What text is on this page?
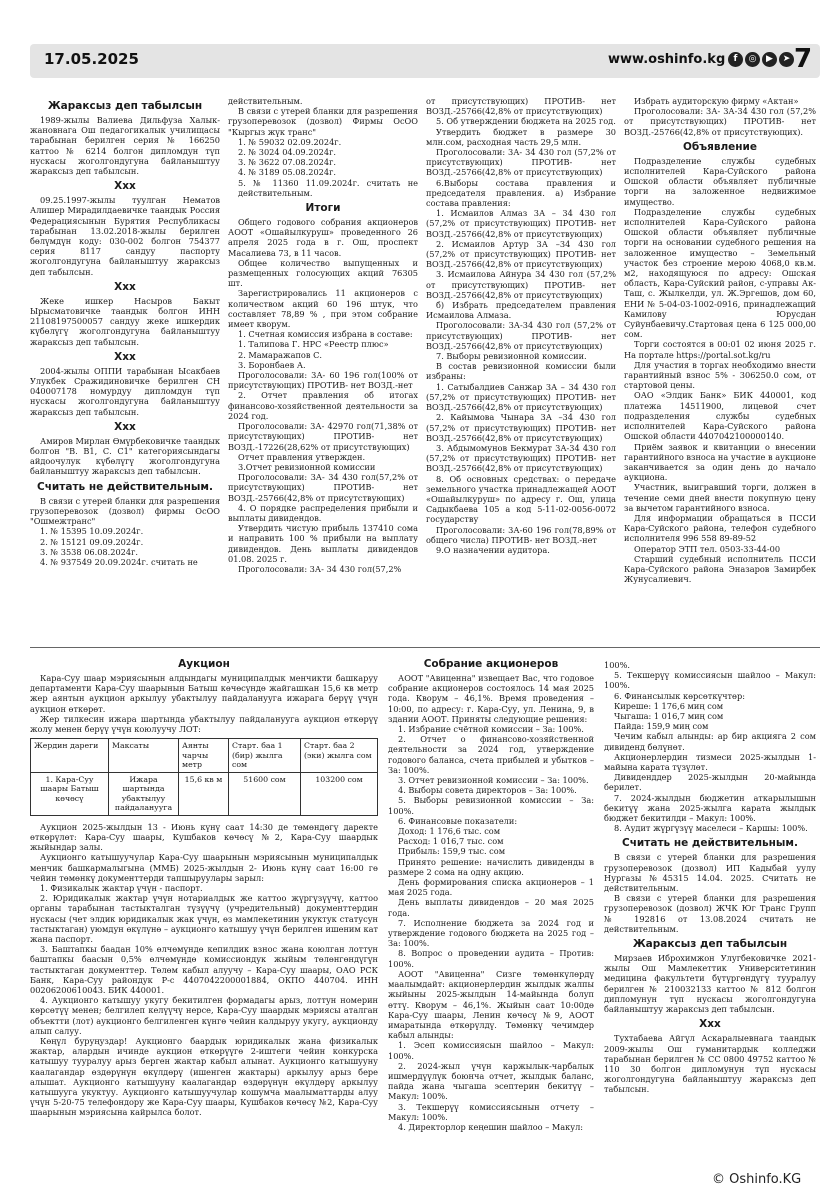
17.05.2025	www.oshinfo.kg f	◎	▶	➤ 7
Жараксыз деп табылсын

1989-жылы Валиева Дильфуза Халык-жановнага Ош педагогикалык училищасы тарабынан берилген серия № 166250 каттоо № 6214 болгон дипломдун түп нускасы жоголгондугуна байланыштуу жараксыз деп табылсын.

Ххх

09.25.1997-жылы туулган Нематов Алишер Мирадилдаевичке таандык Россия Федерациясынын Бурятия Республикасы тарабынан 13.02.2018-жылы берилген бөлүмдүн коду: 030-002 болгон 754377 серия 8117 сандуу паспорту жоголгондугуна байланыштуу жараксыз деп табылсын.

Ххх

Жеке ишкер Насыров Бакыт Ырысматовичке таандык болгон ИНН 21108197500057 сандуу жеке ишкердик күбөлүгү жоголгондугуна байланыштуу жараксыз деп табылсын.

Ххх

2004-жылы ОППИ тарабынан Ысакбаев Улукбек Сражидиновичке берилген СН 040007178 номурдуу дипломдун түп нускасы жоголгондугуна байланыштуу жараксыз деп табылсын.

Ххх

Амиров Мирлан Өмүрбековичке таандык болгон "В. В1, С. С1" категориясындагы айдоочулук күбөлүгү жоголгондугуна байланыштуу жараксыз деп табылсын.

Считать не действительным.

В связи с утерей бланки для разрешения грузоперевозок (дозвол) фирмы ОсОО "Ошмежтранс"

1. № 15395 10.09.2024г.

2. № 15121 09.09.2024г.

3. № 3538 06.08.2024г.

4. № 937549 20.09.2024г. считать не

действительным.

В связи с утерей бланки для разрешения грузоперевозок (дозвол) Фирмы ОсОО "Кыргыз жүк транс"

1. № 59032 02.09.2024г.

2. № 3024 04.09.2024г.

3. № 3622 07.08.2024г.

4. № 3189 05.08.2024г.

5. № 11360 11.09.2024г. считать не действительным.

Итоги

Общего годового собрания акционеров АООТ «Ошайылкуруш» проведенного 26 апреля 2025 года в г. Ош, проспект Масалиева 73, в 11 часов.

Общее количество выпущенных и размещенных голосующих акций 76305 шт.

Зарегистрировались 11 акционеров с количеством акций 60 196 штук, что составляет 78,89 % , при этом собрание имеет кворум.

1. Счетная комиссия избрана в составе:

1. Талипова Г. НРС «Реестр плюс»

2. Мамаражапов С.

3. Боронбаев А.

Проголосовали: 3А- 60 196 гол(100% от присутствующих) ПРОТИВ- нет ВОЗД.-нет

2. Отчет правления об итогах финансово-хозяйственной деятельности за 2024 год.

Проголосовали: 3А- 42970 гол(71,38% от присутствующих) ПРОТИВ- нет ВОЗД.-17226(28,62% от присутствующих)

Отчет правления утвержден.

3.Отчет ревизионной комиссии

Проголосовали: 3А- 34 430 гол(57,2% от присутствующих) ПРОТИВ- нет ВОЗД.-25766(42,8% от присутствующих)

4. О порядке распределения прибыли и выплаты дивидендов.

Утвердить чистую прибыль 137410 сома и направить 100 % прибыли на выплату дивидендов. День выплаты дивидендов 01.08. 2025 г.

Проголосовали: 3А- 34 430 гол(57,2%

от присутствующих) ПРОТИВ- нет ВОЗД.-25766(42,8% от присутствующих)

5. Об утверждении бюджета на 2025 год.

Утвердить бюджет в размере 30 млн.сом, расходная часть 29,5 млн.

Проголосовали: 3А- 34 430 гол (57,2% от присутствующих) ПРОТИВ- нет ВОЗД.-25766(42,8% от присутствующих)

6.Выборы состава правления и председателя правления. а) Избрание состава правления:

1. Исмаилов Алмаз 3А – 34 430 гол (57,2% от присутствующих) ПРОТИВ- нет ВОЗД.-25766(42,8% от присутствующих)

2. Исмаилов Артур 3А –34 430 гол (57,2% от присутствующих) ПРОТИВ- нет ВОЗД.-25766(42,8% от присутствующих)

3. Исмаилова Айнура 34 430 гол (57,2% от присутствующих) ПРОТИВ- нет ВОЗД.-25766(42,8% от присутствующих)

б) Избрать председателем правления Исмаилова Алмаза.

Проголосовали: 3А-34 430 гол (57,2% от присутствующих) ПРОТИВ- нет ВОЗД.-25766(42,8% от присутствующих)

7. Выборы ревизионной комиссии.

В состав ревизионной комиссии были избраны:

1. Сатыбалдиев Санжар 3А – 34 430 гол (57,2% от присутствующих) ПРОТИВ- нет ВОЗД.-25766(42,8% от присутствующих)

2. Кайымова Чынара 3А –34 430 гол (57,2% от присутствующих) ПРОТИВ- нет ВОЗД.-25766(42,8% от присутствующих)

3. Абдымомунов Бекмурат 3А-34 430 гол (57,2% от присутствующих) ПРОТИВ- нет ВОЗД.-25766(42,8% от присутствующих)

8. Об основных средствах: о передаче земельного участка принадлежащей АООТ «Ошайылкуруш» по адресу г. Ош, улица Садыкбаева 105 а код 5-11-02-0056-0072 государству

Проголосовали: 3А-60 196 гол(78,89% от общего числа) ПРОТИВ- нет ВОЗД.-нет

9.О назначении аудитора.

Избрать аудиторскую фирму «Актан»

Проголосовали: 3А- 3А-34 430 гол (57,2% от присутствующих) ПРОТИВ- нет ВОЗД.-25766(42,8% от присутствующих).

Объявление

Подразделение службы судебных исполнителей Кара-Суйского района Ошской области объявляет публичные торги на заложенное недвижимое имущество.

Подразделение службы судебных исполнителей Кара-Суйского района Ошской области объявляет публичные торги на основании судебного решения на заложенное имущество – Земельный участок без строение мерою 4068,0 кв.м. м2, находящуюся по адресу: Ошская область, Кара-Суйский район, с-управы Ак-Таш, с. Жылкелди, ул. Ж.Эргешов, дом 60, ЕНИ № 5-04-03-1002-0916, принадлежащий Камилову Юрусдан Суйунбаевичу.Стартовая цена 6 125 000,00 сом.

Торги состоятся в 00:01 02 июня 2025 г. На портале https://portal.sot.kg/ru

Для участия в торгах необходимо внести гарантийный взнос 5% - 306250.0 сом, от стартовой цены.

ОАО «Элдик Банк» БИК 440001, код платежа 14511900, лицевой счет подразделения службы судебных исполнителей Кара-Суйского района Ошской области 4407042100000140.

Приём заявок и квитанции о внесении гарантийного взноса на участие в аукционе заканчивается за один день до начало аукциона.

Участник, выигравший торги, должен в течение семи дней внести покупную цену за вычетом гарантийного взноса.

Для информации обращаться в ПССИ Кара-Суйского района, телефон судебного исполнителя 996 558 89-89-52

Оператор ЭТП тел. 0503-33-44-00

Старший судебный исполнитель ПССИ Кара-Суйского района Эназаров Замирбек Жунусалиевич.

Аукцион

Кара-Суу шаар мэриясынын алдындагы муниципалдык менчикти башкаруу департаменти Кара-Суу шаарынын Батыш көчөсүндө жайгашкан 15,6 кв метр жер аянтын аукцион аркылуу убактылуу пайдаланууга ижарага берүү үчүн аукцион өткөрөт.

Жер тилкесин ижара шартында убактылуу пайдаланууга аукцион өткөрүү жолу менен берүү үчүн коюлуучу ЛОТ:

Жердин дареги	Максаты	Аянты чарчы метр	Старт. баа 1 (бир) жылга сом	Старт. баа 2 (эки) жылга сом
1. Кара-Суу шаары Батыш көчөсү	Ижара шартында убактылуу пайдаланууга	15,6 кв м	51600 сом	103200 сом

Аукцион 2025-жылдын 13 - Июнь күнү саат 14:30 де төмөндөгү даректе өткөрүлөт: Кара-Суу шаары, Кушбаков көчөсү №2, Кара-Суу шаардык жыйындар залы.

Аукционго катышуучулар Кара-Суу шаарынын мэриясынын муниципалдык менчик башкармалыгына (ММБ) 2025-жылдын 2- Июнь күнү саат 16:00 гө чейин төмөнкү документтерди тапшыруулары зарыл:

1. Физикалык жактар үчүн - паспорт.

2. Юридикалык жактар үчүн нотариалдык же каттоо жүргүзүүчү, каттоо органы тарабынан тастыкталган түзүүчү (учредительный) документтердин нускасы (чет элдик юридикалык жак үчүн, өз мамлекетинин укуктук статусун тастыктаган) уюмдун өкүлүнө – аукционго катышуу үчүн берилген ишеним кат жана паспорт.

3. Баштапкы баадан 10% өлчөмүндө кепилдик взнос жана коюлган лоттун баштапкы баасын 0,5% өлчөмүндө комиссиондук жыйым төлөнгөндүгүн тастыктаган документтер. Төлөм кабыл алуучу – Кара-Суу шаары, ОАО РСК Банк, Кара-Суу райондук Р-с 4407042200001884, ОКПО 440704. ИНН 00206200610043. БИК 440001.

4. Аукционго катышуу укугу бекитилген формадагы арыз, лоттун номерин көрсөтүү менен; белгилеп келүүчү нерсе, Кара-Суу шаардык мэриясы аталган объектти (лот) аукционго белгиленген күнгө чейин калдыруу укугу, аукционду алып салуу.

Көңүл буруңуздар! Аукционго баардык юридикалык жана физикалык жактар, алардын ичинде аукцион өткөрүүгө 2-иштеги чейин конкурска катышуу тууралуу арыз берген жактар кабыл алынат. Аукционго катышууну каалагандар өздөрүнүн өкүлдөрү (ишенген жактары) аркылуу арыз бере алышат. Аукционго катышууну каалагандар өздөрүнүн өкүлдөрү аркылуу катышууга укуктуу. Аукционго катышуучулар кошумча маалыматтарды алуу үчүн 5-20-75 телефондору же Кара-Суу шаары, Кушбаков көчөсү №2, Кара-Суу шаарынын мэриясына кайрылса болот.

Собрание акционеров

АООТ "Авиценна" извещает Вас, что годовое собрание акционеров состоялось 14 мая 2025 года. Кворум – 46,1%. Время проведения – 10:00, по адресу: г. Кара-Суу, ул. Ленина, 9, в здании АООТ. Приняты следующие решения:

1. Избрание счётной комиссии – За: 100%.

2. Отчет о финансово-хозяйственной деятельности за 2024 год, утверждение годового баланса, счета прибылей и убытков – За: 100%.

3. Отчет ревизионной комиссии – За: 100%.

4. Выборы совета директоров – За: 100%.

5. Выборы ревизионной комиссии – За: 100%.

6. Финансовые показатели:

Доход: 1 176,6 тыс. сом

Расход: 1 016,7 тыс. сом

Прибыль: 159,9 тыс. сом

Принято решение: начислить дивиденды в размере 2 сома на одну акцию.

День формирования списка акционеров – 1 мая 2025 года.

День выплаты дивидендов – 20 мая 2025 года.

7. Исполнение бюджета за 2024 год и утверждение годового бюджета на 2025 год – За: 100%.

8. Вопрос о проведении аудита – Против: 100%.

АООТ "Авиценна" Сизге төмөнкүлөрдү маалымдайт: акционерлердин жылдык жалпы жыйыны 2025-жылдын 14-майында болуп өттү. Кворум – 46,1%. Жыйын саат 10:00дө Кара-Суу шаары, Ленин көчөсү №9, АООТ имаратында өткөрүлдү. Төмөнкү чечимдер кабыл алынды:

1. Эсеп комиссиясын шайлоо – Макул: 100%.

2. 2024-жыл үчүн каржылык-чарбалык ишмердүүлүк боюнча отчет, жылдык баланс, пайда жана чыгаша эсептерин бекитүү – Макул: 100%.

3. Текшерүү комиссиясынын отчету – Макул: 100%.

4. Директорлор кеңешин шайлоо – Макул:

100%.

5. Текшерүү комиссиясын шайлоо – Макул: 100%.

6. Финансылык көрсөткүчтөр:

Киреше: 1 176,6 миң сом

Чыгаша: 1 016,7 миң сом

Пайда: 159,9 миң сом

Чечим кабыл алынды: ар бир акцияга 2 сом дивиденд бөлүнөт.

Акционерлердин тизмеси 2025-жылдын 1-майына карата түзүлөт.

Дивиденддер 2025-жылдын 20-майында берилет.

7. 2024-жылдын бюджетин аткарылышын бекитүү жана 2025-жылга карата жылдык бюджет бекитилди – Макул: 100%.

8. Аудит жүргүзүү маселеси – Каршы: 100%.

Считать не действительным.

В связи с утерей бланки для разрешения грузоперевозок (дозвол) ИП Кадыбай уулу Нургазы №45315 14.04. 2025. Считать не действительным.

В связи с утерей бланки для разрешения грузоперевозок (дозвол) ЖЧК Юг Транс Групп № 192816 от 13.08.2024 считать не действительным.

Жараксыз деп табылсын

Мирзаев Иброхимжон Улугбековичке 2021-жылы Ош Мамлекеттик Университетинин медицина факультети бүтүргөндүгү тууралуу берилген № 210032133 каттоо № 812 болгон дипломунун түп нускасы жоголгондугуна байланыштуу жараксыз деп табылсын.

Ххх

Тухтабаева Айгүл Аскаралыевнага таандык 2009-жылы Ош гуманитардык колледжи тарабынан берилген № СС 0800 49752 каттоо № 110 30 болгон дипломунун түп нускасы жоголгондугуна байланыштуу жараксыз деп табылсын.

© Oshinfo.KG
